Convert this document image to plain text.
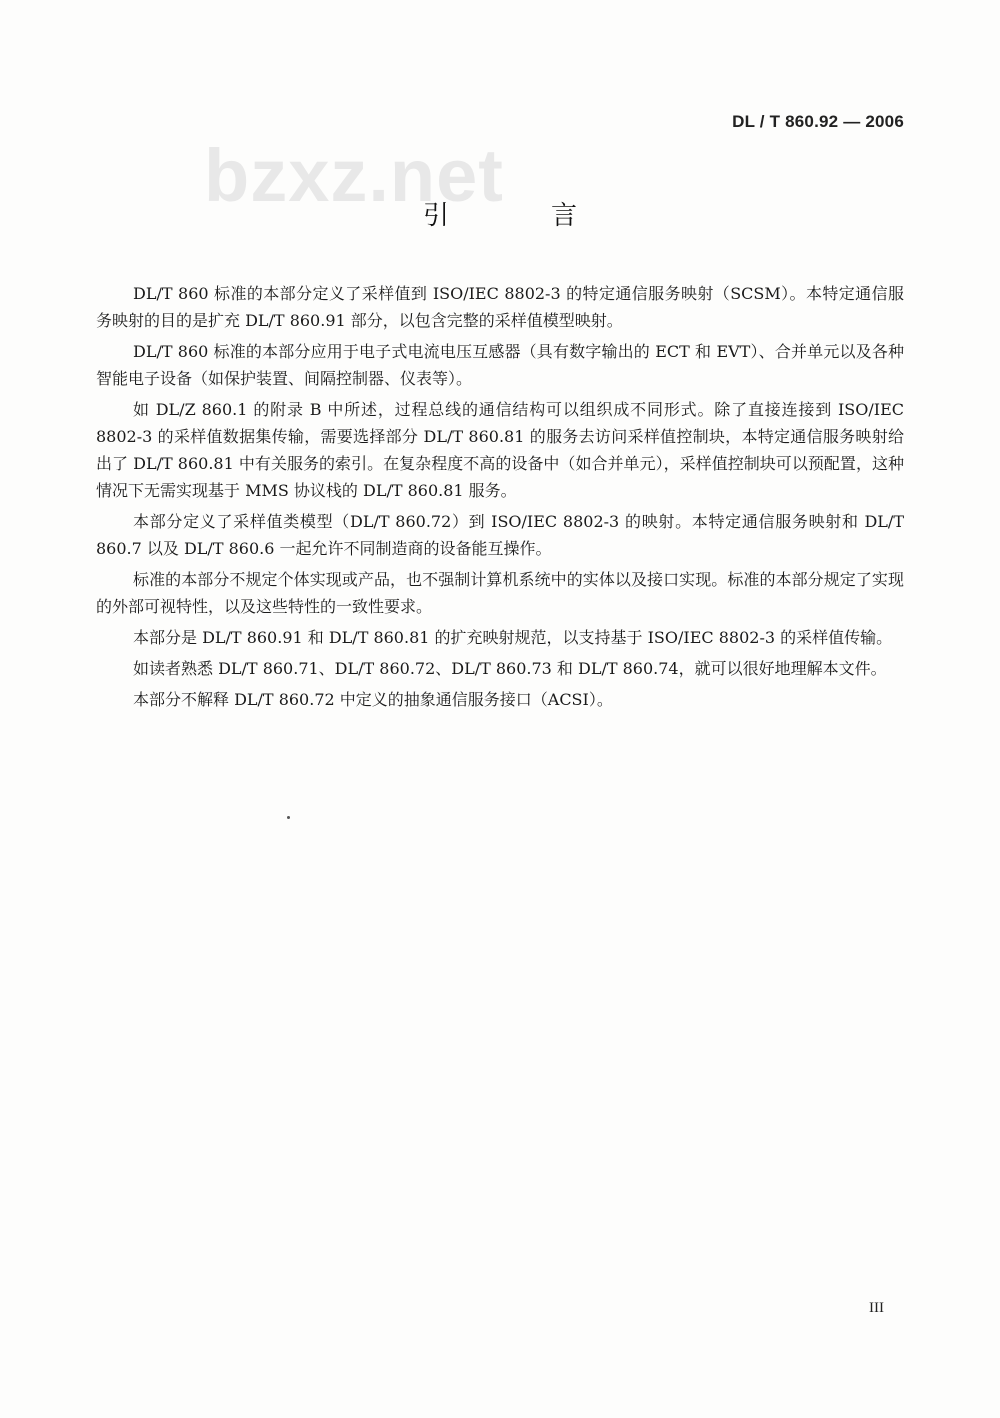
DL / T 860.92 — 2006
bzxz.net
引　言

DL/T 860 标准的本部分定义了采样值到 ISO/IEC 8802-3 的特定通信服务映射（SCSM）。本特定通信服务映射的目的是扩充 DL/T 860.91 部分，以包含完整的采样值模型映射。

DL/T 860 标准的本部分应用于电子式电流电压互感器（具有数字输出的 ECT 和 EVT）、合并单元以及各种智能电子设备（如保护装置、间隔控制器、仪表等）。

如 DL/Z 860.1 的附录 B 中所述，过程总线的通信结构可以组织成不同形式。除了直接连接到 ISO/IEC 8802-3 的采样值数据集传输，需要选择部分 DL/T 860.81 的服务去访问采样值控制块，本特定通信服务映射给出了 DL/T 860.81 中有关服务的索引。在复杂程度不高的设备中（如合并单元），采样值控制块可以预配置，这种情况下无需实现基于 MMS 协议栈的 DL/T 860.81 服务。

本部分定义了采样值类模型（DL/T 860.72）到 ISO/IEC 8802-3 的映射。本特定通信服务映射和 DL/T 860.7 以及 DL/T 860.6 一起允许不同制造商的设备能互操作。

标准的本部分不规定个体实现或产品，也不强制计算机系统中的实体以及接口实现。标准的本部分规定了实现的外部可视特性，以及这些特性的一致性要求。

本部分是 DL/T 860.91 和 DL/T 860.81 的扩充映射规范，以支持基于 ISO/IEC 8802-3 的采样值传输。

如读者熟悉 DL/T 860.71、DL/T 860.72、DL/T 860.73 和 DL/T 860.74，就可以很好地理解本文件。

本部分不解释 DL/T 860.72 中定义的抽象通信服务接口（ACSI）。

III
